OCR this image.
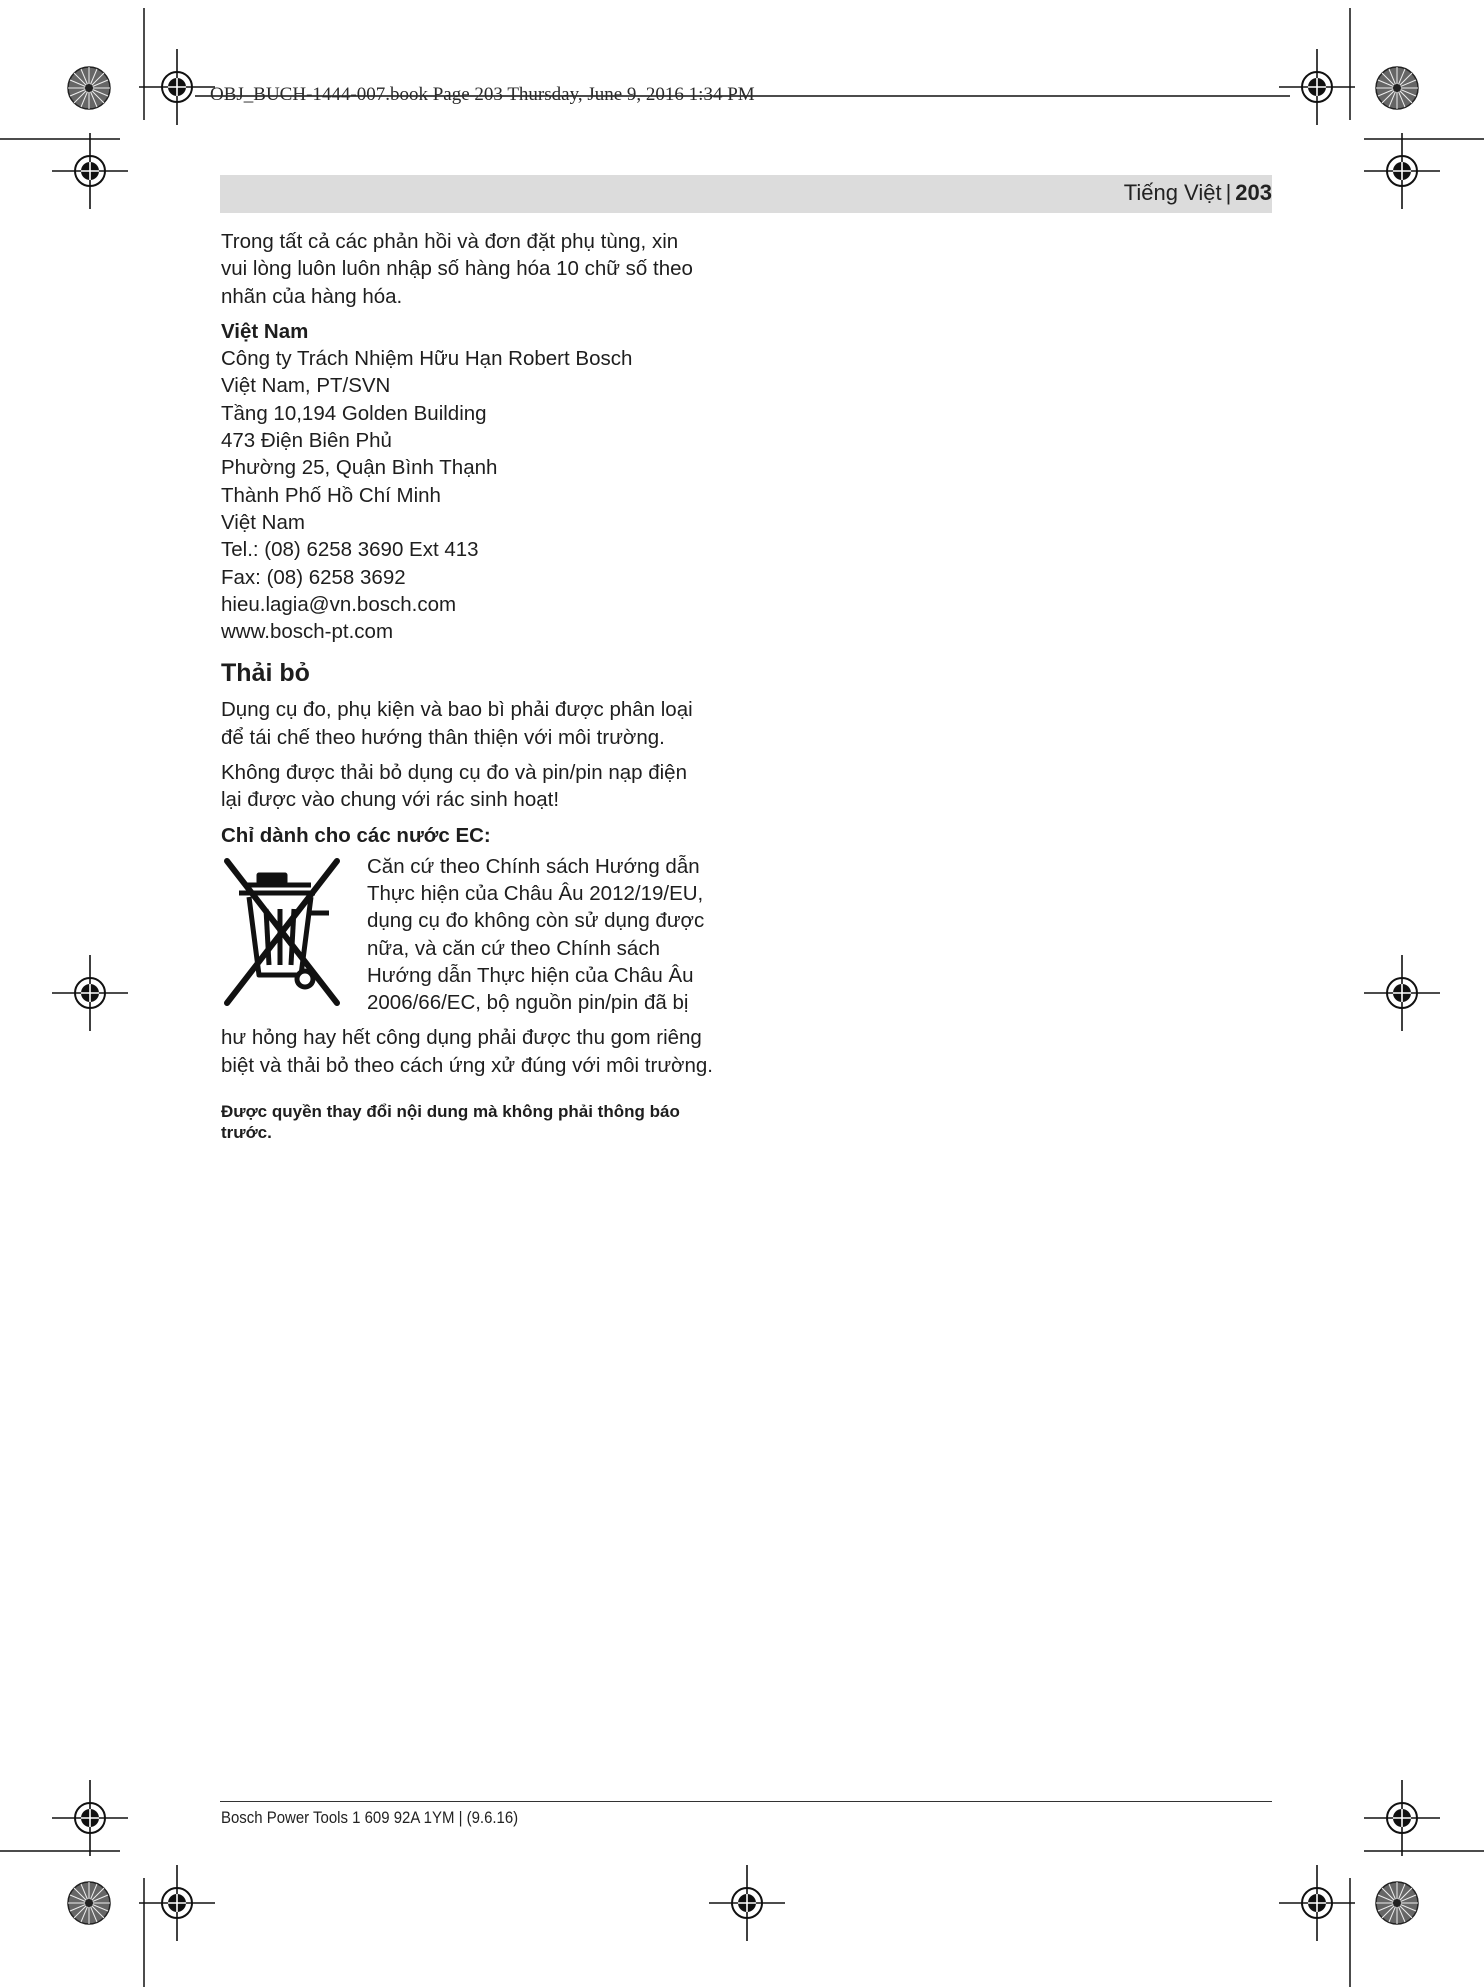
OBJ_BUCH-1444-007.book Page 203 Thursday, June 9, 2016 1:34 PM
Tiếng Việt | 203

Trong tất cả các phản hồi và đơn đặt phụ tùng, xin
vui lòng luôn luôn nhập số hàng hóa 10 chữ số theo
nhãn của hàng hóa.

Việt Nam
Công ty Trách Nhiệm Hữu Hạn Robert Bosch
Việt Nam, PT/SVN
Tầng 10,194 Golden Building
473 Điện Biên Phủ
Phường 25, Quận Bình Thạnh
Thành Phố Hồ Chí Minh
Việt Nam
Tel.: (08) 6258 3690 Ext 413
Fax: (08) 6258 3692
hieu.lagia@vn.bosch.com
www.bosch-pt.com
Thải bỏ

Dụng cụ đo, phụ kiện và bao bì phải được phân loại
để tái chế theo hướng thân thiện với môi trường.

Không được thải bỏ dụng cụ đo và pin/pin nạp điện
lại được vào chung với rác sinh hoạt!

Chỉ dành cho các nước EC:
Căn cứ theo Chính sách Hướng dẫn
Thực hiện của Châu Âu 2012/19/EU,
dụng cụ đo không còn sử dụng được
nữa, và căn cứ theo Chính sách
Hướng dẫn Thực hiện của Châu Âu
2006/66/EC, bộ nguồn pin/pin đã bị

hư hỏng hay hết công dụng phải được thu gom riêng
biệt và thải bỏ theo cách ứng xử đúng với môi trường.

Được quyền thay đổi nội dung mà không phải thông báo
trước.
Bosch Power Tools 1 609 92A 1YM | (9.6.16)
